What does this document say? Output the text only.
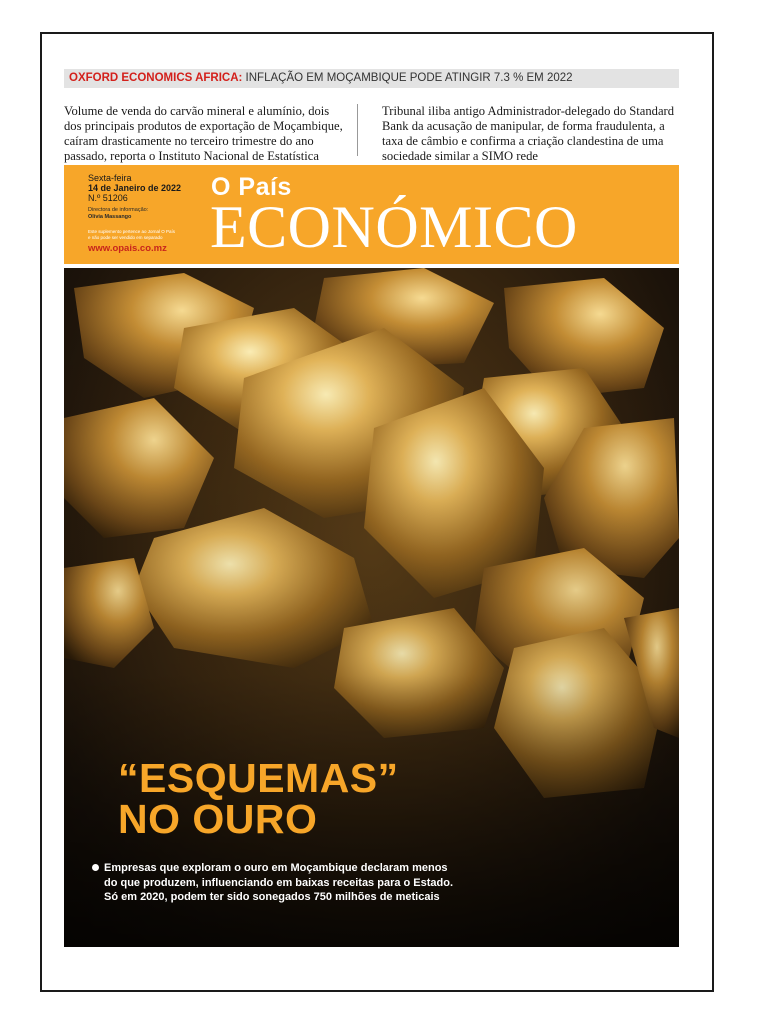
OXFORD ECONOMICS AFRICA: INFLAÇÃO EM MOÇAMBIQUE PODE ATINGIR 7.3 % EM 2022
Volume de venda do carvão mineral e alumínio, dois dos principais produtos de exportação de Moçambique, caíram drasticamente no terceiro trimestre do ano passado, reporta o Instituto Nacional de Estatística
Tribunal iliba antigo Administrador-delegado do Standard Bank da acusação de manipular, de forma fraudulenta, a taxa de câmbio e confirma a criação clandestina de uma sociedade similar a SIMO rede
Sexta-feira
14 de Janeiro de 2022
N.º 51206
Directora de informação:
Olívia Massango
Este suplemento pertence ao Jornal O País e não pode ser vendido em separado
www.opais.co.mz
O País
ECONÓMICO
“ESQUEMAS”
NO OURO
Empresas que exploram o ouro em Moçambique declaram menos do que produzem, influenciando em baixas receitas para o Estado. Só em 2020, podem ter sido sonegados 750 milhões de meticais
